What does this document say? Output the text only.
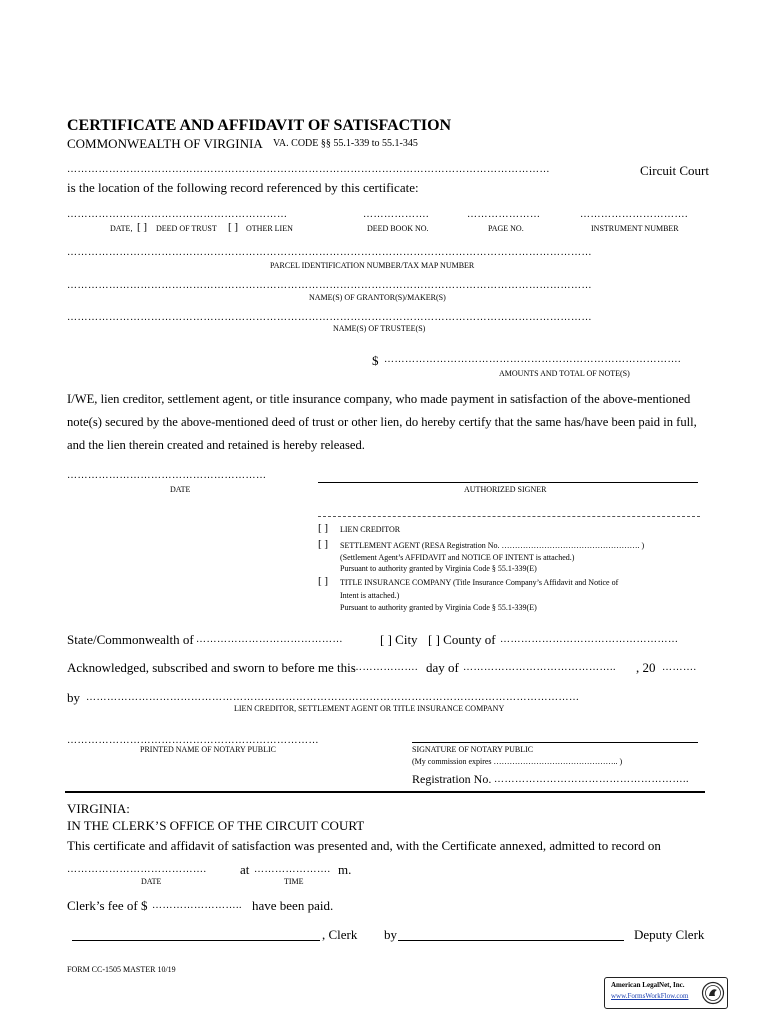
CERTIFICATE AND AFFIDAVIT OF SATISFACTION
COMMONWEALTH OF VIRGINIA VA. CODE §§ 55.1-339 to 55.1-345
…………………………………………………………………………………………………………………………	Circuit Court
is the location of the following record referenced by this certificate:
………………………………………………………	……………….	…………………	………………………….
DATE, [ ] DEED OF TRUST [ ] OTHER LIEN	DEED BOOK NO.	PAGE NO.	INSTRUMENT NUMBER
……………………………………………………………………………………………………………………………………
PARCEL IDENTIFICATION NUMBER/TAX MAP NUMBER
……………………………………………………………………………………………………………………………………
NAME(S) OF GRANTOR(S)/MAKER(S)
……………………………………………………………………………………………………………………………………
NAME(S) OF TRUSTEE(S)
$ ………………………………………………………………………….
AMOUNTS AND TOTAL OF NOTE(S)
I/WE, lien creditor, settlement agent, or title insurance company, who made payment in satisfaction of the above-mentioned
note(s) secured by the above-mentioned deed of trust or other lien, do hereby certify that the same has/have been paid in full,
and the lien therein created and retained is hereby released.
…………………………………………………
DATE	AUTHORIZED SIGNER
[ ] LIEN CREDITOR
[ ] SETTLEMENT AGENT (RESA Registration No. ……………………………………………. )
(Settlement Agent’s AFFIDAVIT and NOTICE OF INTENT is attached.)
Pursuant to authority granted by Virginia Code § 55.1-339(E)
[ ] TITLE INSURANCE COMPANY (Title Insurance Company’s Affidavit and Notice of
Intent is attached.)
Pursuant to authority granted by Virginia Code § 55.1-339(E)
State/Commonwealth of ……………………………………	[ ] City [ ] County of ……………………………………………
Acknowledged, subscribed and sworn to before me this
………………. day of ……………………………………..	, 20 ……….
by ……………………………………………………………………………………………………………………………
LIEN CREDITOR, SETTLEMENT AGENT OR TITLE INSURANCE COMPANY
………………………………………………………………
PRINTED NAME OF NOTARY PUBLIC	SIGNATURE OF NOTARY PUBLIC
(My commission expires ……………………………………….. )
Registration No. ………………………………………………..
VIRGINIA:
IN THE CLERK’S OFFICE OF THE CIRCUIT COURT
This certificate and affidavit of satisfaction was presented and, with the Certificate annexed, admitted to record on
………………………………….	at …………………. m.
DATE	TIME
Clerk’s fee of $ …………………….. have been paid.
, Clerk by	Deputy Clerk
FORM CC-1505 MASTER 10/19
American LegalNet, Inc.
www.FormsWorkFlow.com
